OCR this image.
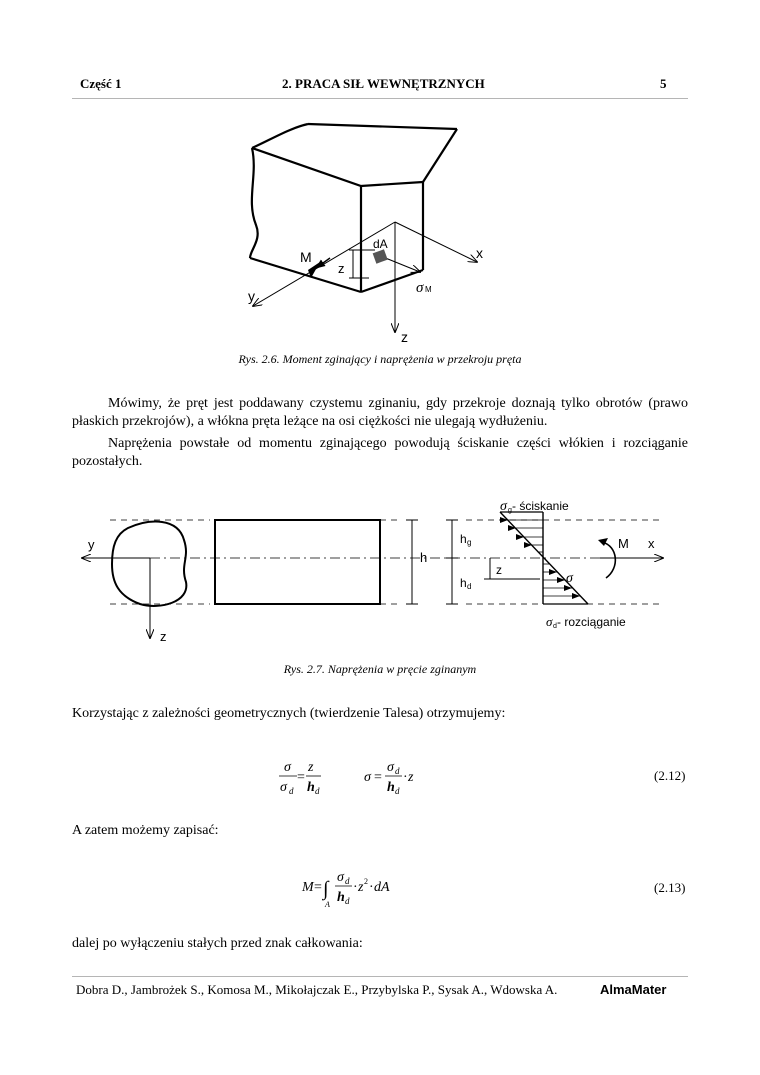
Część 1	2. PRACA SIŁ WEWNĘTRZNYCH	5
M
dA
z
x
y
z
σ M
Rys. 2.6. Moment zginający i naprężenia w przekroju pręta
Mówimy, że pręt jest poddawany czystemu zginaniu, gdy przekroje doznają tylko obrotów (prawo płaskich przekrojów), a włókna pręta leżące na osi ciężkości nie ulegają wydłużeniu.
Naprężenia powstałe od momentu zginającego powodują ściskanie części włókien i rozciąganie pozostałych.
y
z
h
h g
h d
z
σ g - ściskanie
σ d - rozciąganie
σ
M x
Rys. 2.7. Naprężenia w pręcie zginanym
Korzystając z zależności geometrycznych (twierdzenie Talesa) otrzymujemy:
σ
σ d
=
z
h d
σ =
σ d
h d
· z	(2.12)
A zatem możemy zapisać:
M = ∫
A
σ d
h d
· z 2 · dA	(2.13)
dalej po wyłączeniu stałych przed znak całkowania:
Dobra D., Jambrożek S., Komosa M., Mikołajczak E., Przybylska P., Sysak A., Wdowska A.	AlmaMater
